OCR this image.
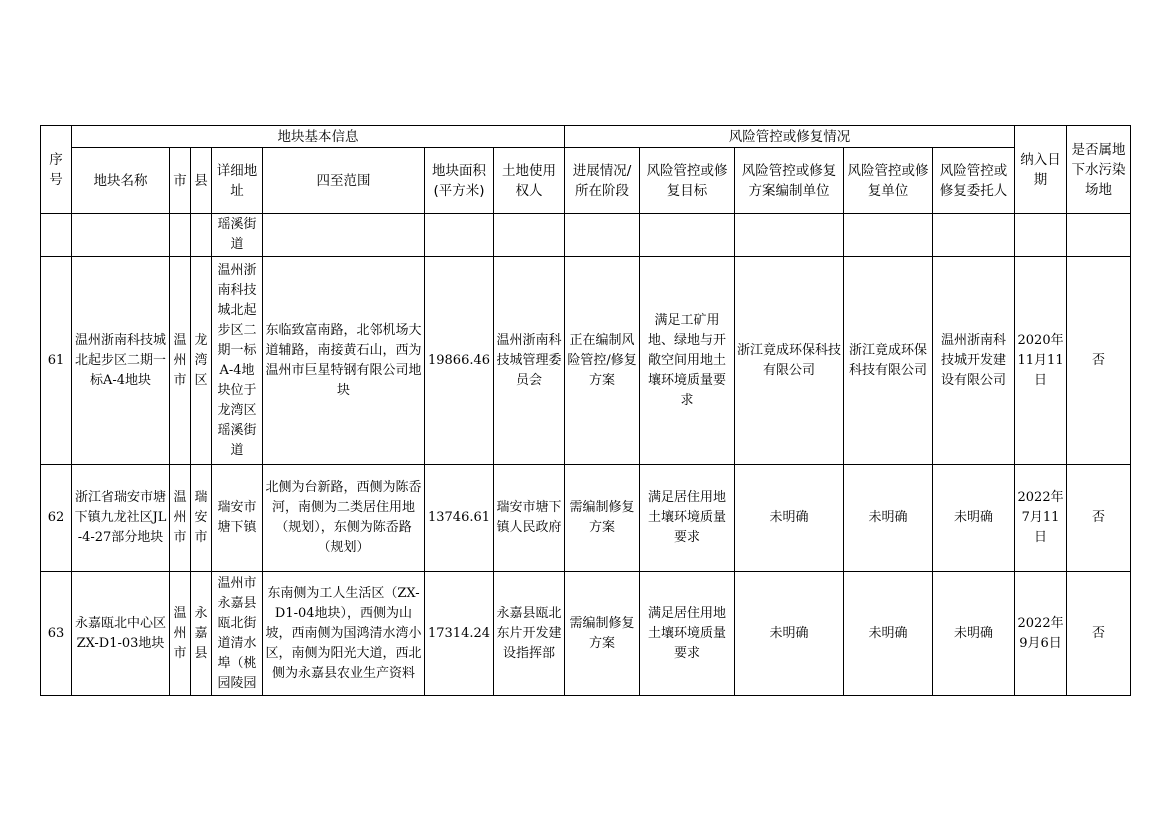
序号	地块基本信息							风险管控或修复情况					纳入日期	是否属地下水污染场地
	地块名称	市	县	详细地址	四至范围	地块面积(平方米)	土地使用权人	进展情况/所在阶段	风险管控或修复目标	风险管控或修复方案编制单位	风险管控或修复单位	风险管控或修复委托人		
				瑶溪街道										
61	温州浙南科技城北起步区二期一标A-4地块	温州市	龙湾区	温州浙南科技城北起步区二期一标A-4地块位于龙湾区瑶溪街道	东临致富南路，北邻机场大道辅路，南接黄石山，西为温州市巨星特钢有限公司地块	19866.46	温州浙南科技城管理委员会	正在编制风险管控/修复方案	满足工矿用地、绿地与开敞空间用地土壤环境质量要求	浙江竟成环保科技有限公司	浙江竟成环保科技有限公司	温州浙南科技城开发建设有限公司	2020年11月11日	否
62	浙江省瑞安市塘下镇九龙社区JL-4-27部分地块	温州市	瑞安市	瑞安市塘下镇	北侧为台新路，西侧为陈岙河，南侧为二类居住用地（规划），东侧为陈岙路（规划）	13746.61	瑞安市塘下镇人民政府	需编制修复方案	满足居住用地土壤环境质量要求	未明确	未明确	未明确	2022年7月11日	否
63	永嘉瓯北中心区ZX-D1-03地块	温州市	永嘉县	温州市永嘉县瓯北街道清水埠（桃园陵园	东南侧为工人生活区（ZX-D1-04地块），西侧为山坡，西南侧为国鸿清水湾小区，南侧为阳光大道，西北侧为永嘉县农业生产资料	17314.24	永嘉县瓯北东片开发建设指挥部	需编制修复方案	满足居住用地土壤环境质量要求	未明确	未明确	未明确	2022年9月6日	否
